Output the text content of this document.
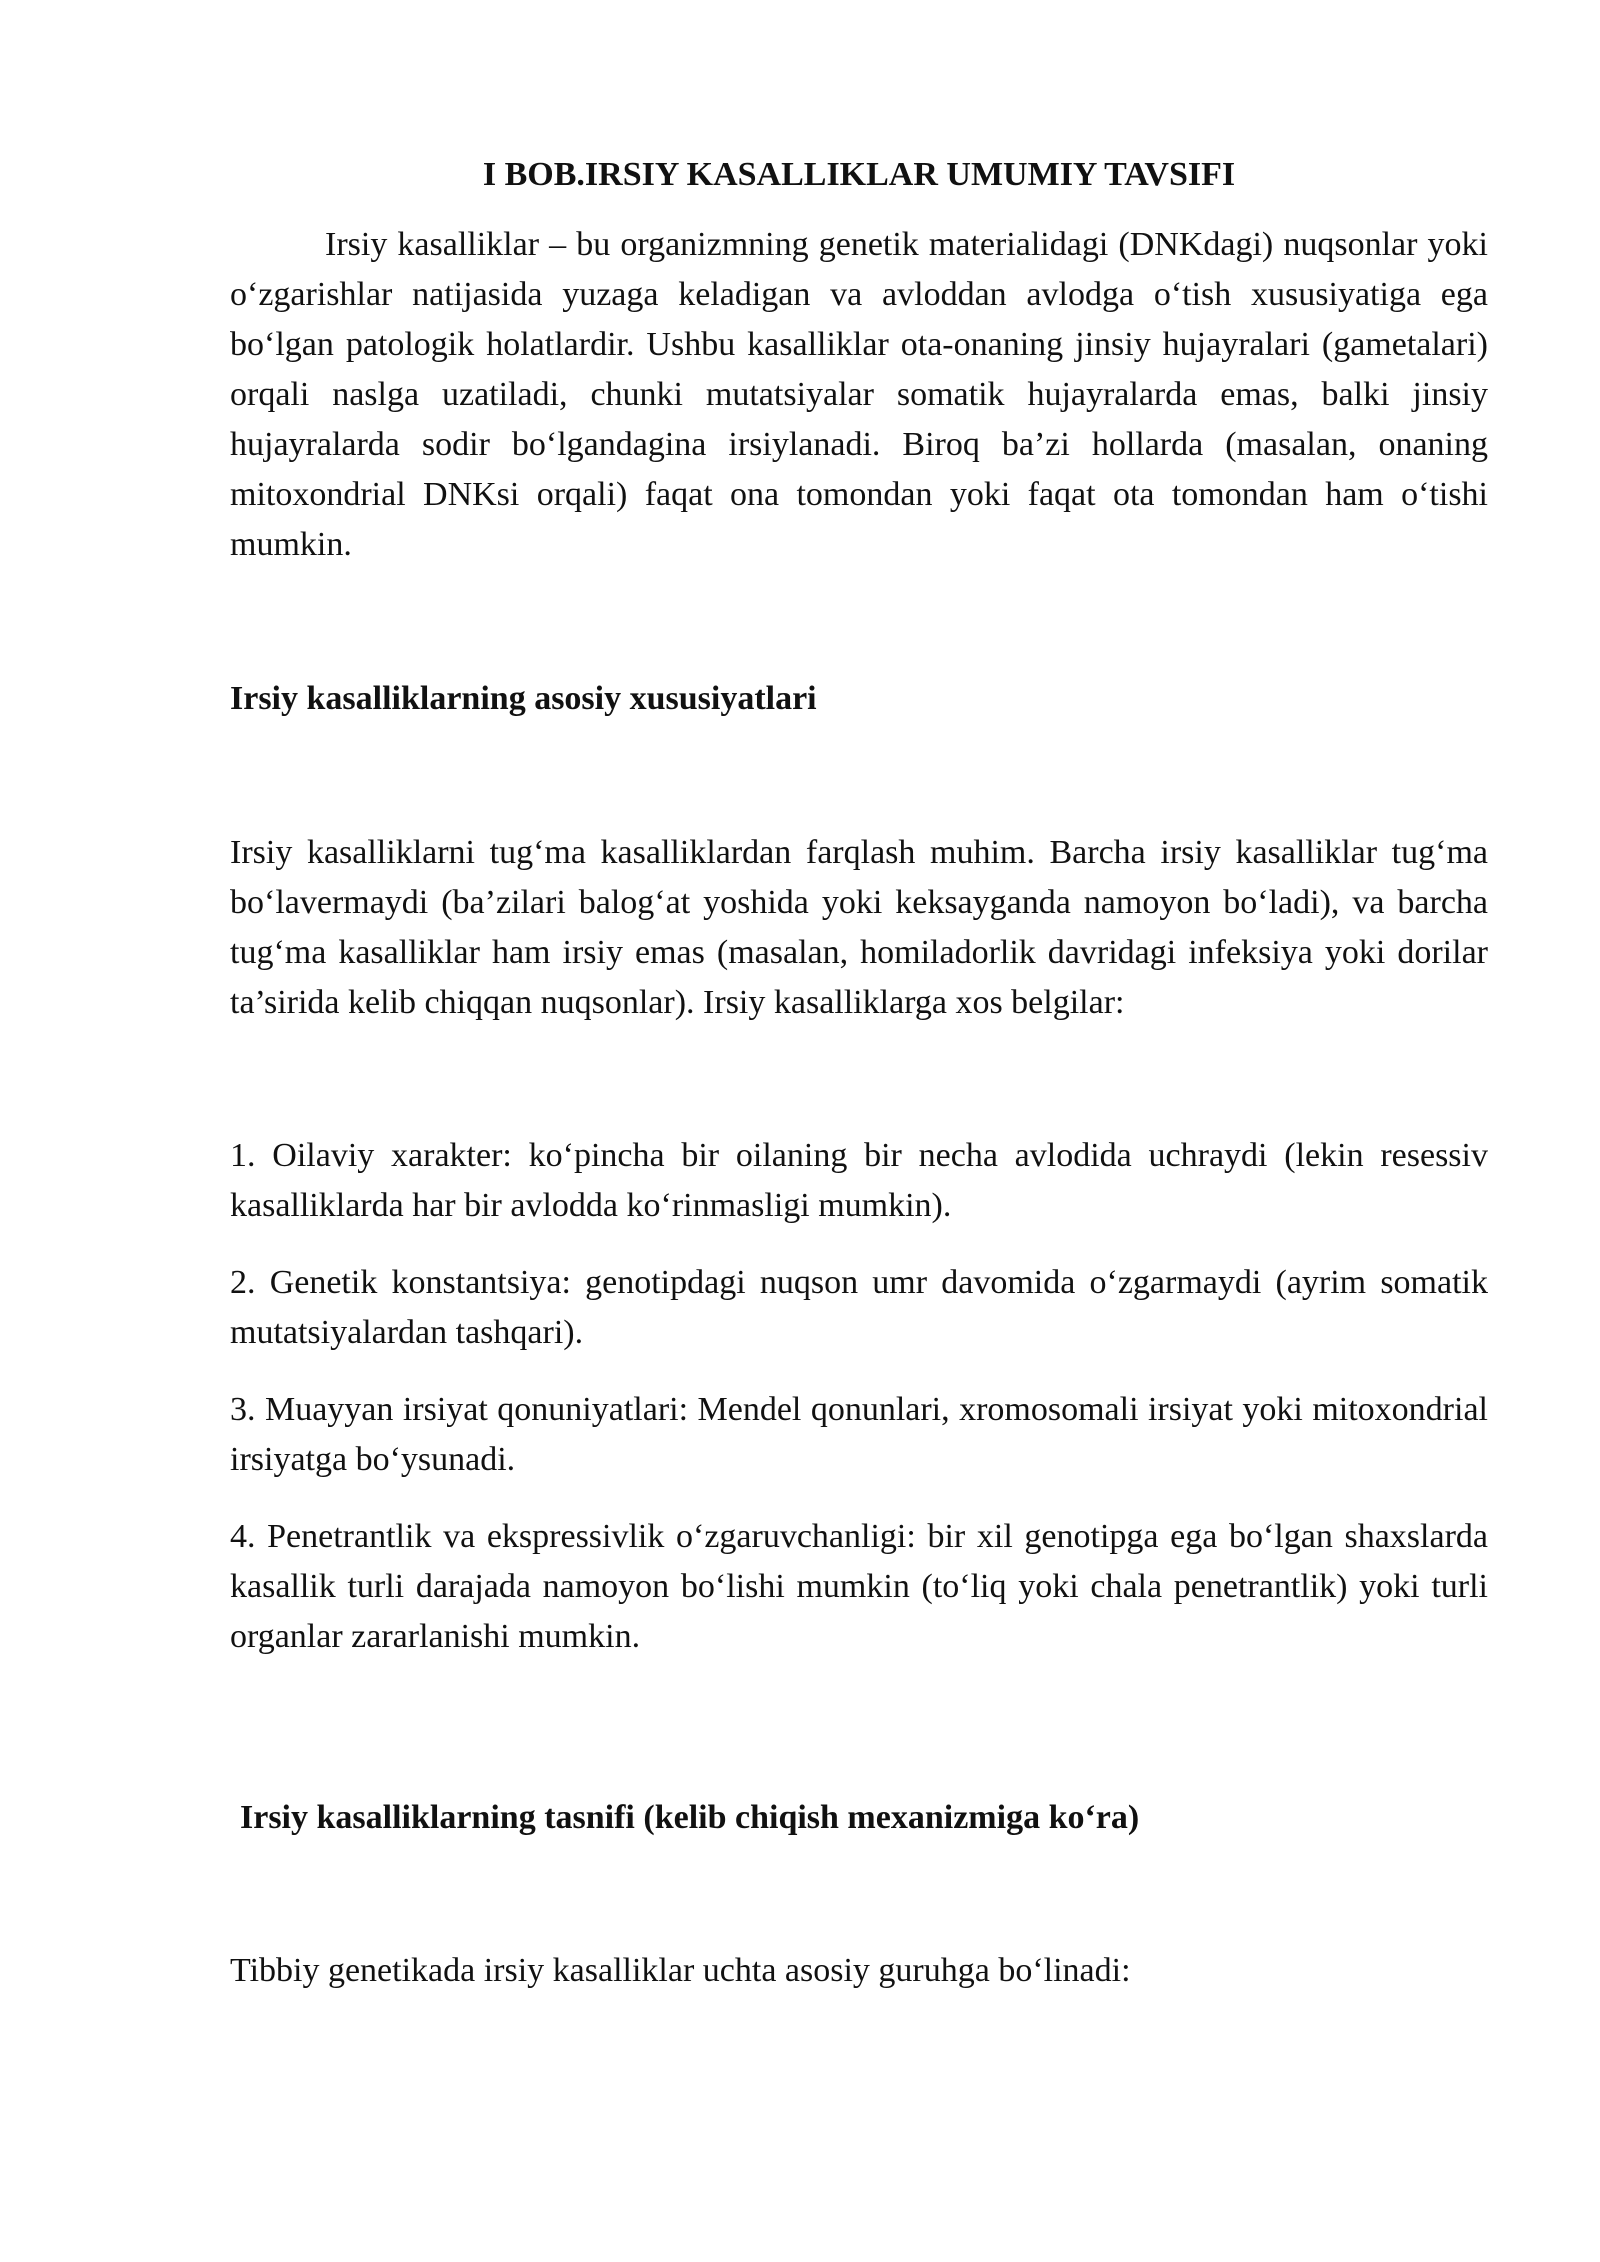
I BOB.IRSIY KASALLIKLAR UMUMIY TAVSIFI

Irsiy kasalliklar – bu organizmning genetik materialidagi (DNKdagi) nuqsonlar yoki o‘zgarishlar natijasida yuzaga keladigan va avloddan avlodga o‘tish xususiyatiga ega bo‘lgan patologik holatlardir. Ushbu kasalliklar ota-onaning jinsiy hujayralari (gametalari) orqali naslga uzatiladi, chunki mutatsiyalar somatik hujayralarda emas, balki jinsiy hujayralarda sodir bo‘lgandagina irsiylanadi. Biroq ba’zi hollarda (masalan, onaning mitoxondrial DNKsi orqali) faqat ona tomondan yoki faqat ota tomondan ham o‘tishi mumkin.

Irsiy kasalliklarning asosiy xususiyatlari

Irsiy kasalliklarni tug‘ma kasalliklardan farqlash muhim. Barcha irsiy kasalliklar tug‘ma bo‘lavermaydi (ba’zilari balog‘at yoshida yoki keksayganda namoyon bo‘ladi), va barcha tug‘ma kasalliklar ham irsiy emas (masalan, homiladorlik davridagi infeksiya yoki dorilar ta’sirida kelib chiqqan nuqsonlar). Irsiy kasalliklarga xos belgilar:

1. Oilaviy xarakter: ko‘pincha bir oilaning bir necha avlodida uchraydi (lekin resessiv kasalliklarda har bir avlodda ko‘rinmasligi mumkin).

2. Genetik konstantsiya: genotipdagi nuqson umr davomida o‘zgarmaydi (ayrim somatik mutatsiyalardan tashqari).

3. Muayyan irsiyat qonuniyatlari: Mendel qonunlari, xromosomali irsiyat yoki mitoxondrial irsiyatga bo‘ysunadi.

4. Penetrantlik va ekspressivlik o‘zgaruvchanligi: bir xil genotipga ega bo‘lgan shaxslarda kasallik turli darajada namoyon bo‘lishi mumkin (to‘liq yoki chala penetrantlik) yoki turli organlar zararlanishi mumkin.

Irsiy kasalliklarning tasnifi (kelib chiqish mexanizmiga ko‘ra)

Tibbiy genetikada irsiy kasalliklar uchta asosiy guruhga bo‘linadi:
